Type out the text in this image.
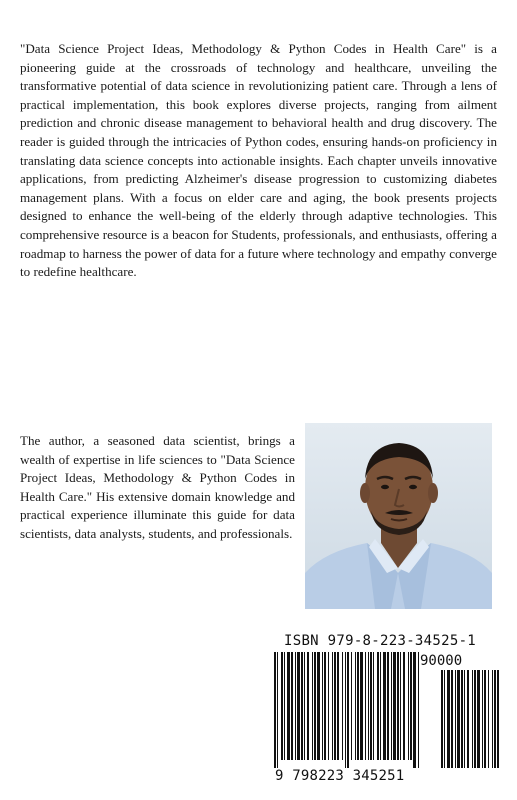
"Data Science Project Ideas, Methodology & Python Codes in Health Care" is a pioneering guide at the crossroads of technology and healthcare, unveiling the transformative potential of data science in revolutionizing patient care. Through a lens of practical implementation, this book explores diverse projects, ranging from ailment prediction and chronic disease management to behavioral health and drug discovery. The reader is guided through the intricacies of Python codes, ensuring hands-on proficiency in translating data science concepts into actionable insights. Each chapter unveils innovative applications, from predicting Alzheimer's disease progression to customizing diabetes management plans. With a focus on elder care and aging, the book presents projects designed to enhance the well-being of the elderly through adaptive technologies. This comprehensive resource is a beacon for Students, professionals, and enthusiasts, offering a roadmap to harness the power of data for a future where technology and empathy converge to redefine healthcare.

The author, a seasoned data scientist, brings a wealth of expertise in life sciences to "Data Science Project Ideas, Methodology & Python Codes in Health Care." His extensive domain knowledge and practical experience illuminate this guide for data scientists, data analysts, students, and professionals.

ISBN 979-8-223-34525-1
90000
9 798223 345251
